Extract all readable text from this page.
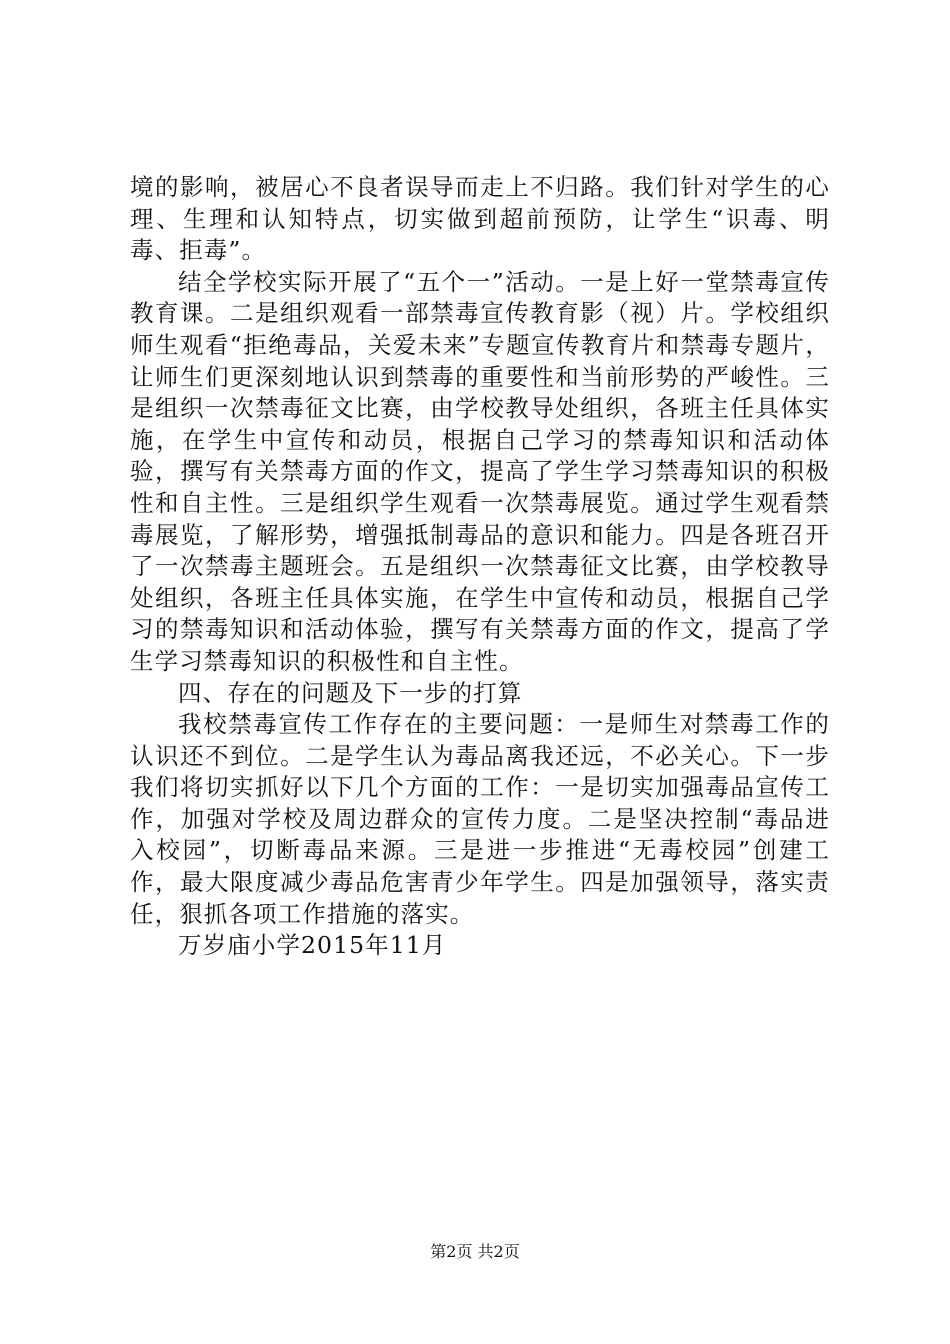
境的影响，被居心不良者误导而走上不归路。我们针对学生的心理、生理和认知特点，切实做到超前预防，让学生“识毒、明毒、拒毒”。

结全学校实际开展了“五个一”活动。一是上好一堂禁毒宣传教育课。二是组织观看一部禁毒宣传教育影（视）片。学校组织师生观看“拒绝毒品，关爱未来”专题宣传教育片和禁毒专题片，让师生们更深刻地认识到禁毒的重要性和当前形势的严峻性。三是组织一次禁毒征文比赛，由学校教导处组织，各班主任具体实施，在学生中宣传和动员，根据自己学习的禁毒知识和活动体验，撰写有关禁毒方面的作文，提高了学生学习禁毒知识的积极性和自主性。三是组织学生观看一次禁毒展览。通过学生观看禁毒展览，了解形势，增强抵制毒品的意识和能力。四是各班召开了一次禁毒主题班会。五是组织一次禁毒征文比赛，由学校教导处组织，各班主任具体实施，在学生中宣传和动员，根据自己学习的禁毒知识和活动体验，撰写有关禁毒方面的作文，提高了学生学习禁毒知识的积极性和自主性。

四、存在的问题及下一步的打算

我校禁毒宣传工作存在的主要问题：一是师生对禁毒工作的认识还不到位。二是学生认为毒品离我还远，不必关心。下一步我们将切实抓好以下几个方面的工作：一是切实加强毒品宣传工作，加强对学校及周边群众的宣传力度。二是坚决控制“毒品进入校园”，切断毒品来源。三是进一步推进“无毒校园”创建工作，最大限度减少毒品危害青少年学生。四是加强领导，落实责任，狠抓各项工作措施的落实。

万岁庙小学2015年11月

第2页 共2页
